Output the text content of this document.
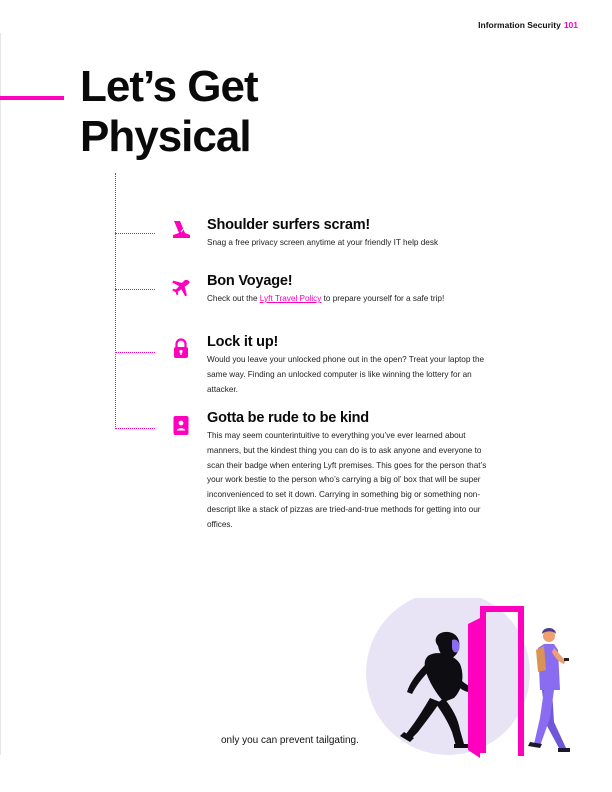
Information Security 101
Let’s Get
Physical
Shoulder surfers scram!

Snag a free privacy screen anytime at your friendly IT help desk

Bon Voyage!

Check out the Lyft Travel Policy to prepare yourself for a safe trip!

Lock it up!

Would you leave your unlocked phone out in the open? Treat your laptop the same way. Finding an unlocked computer is like winning the lottery for an attacker.

Gotta be rude to be kind

This may seem counterintuitive to everything you’ve ever learned about manners, but the kindest thing you can do is to ask anyone and everyone to scan their badge when entering Lyft premises. This goes for the person that’s your work bestie to the person who’s carrying a big ol’ box that will be super inconvenienced to set it down. Carrying in something big or something non-descript like a stack of pizzas are tried-and-true methods for getting into our offices.

only you can prevent tailgating.
